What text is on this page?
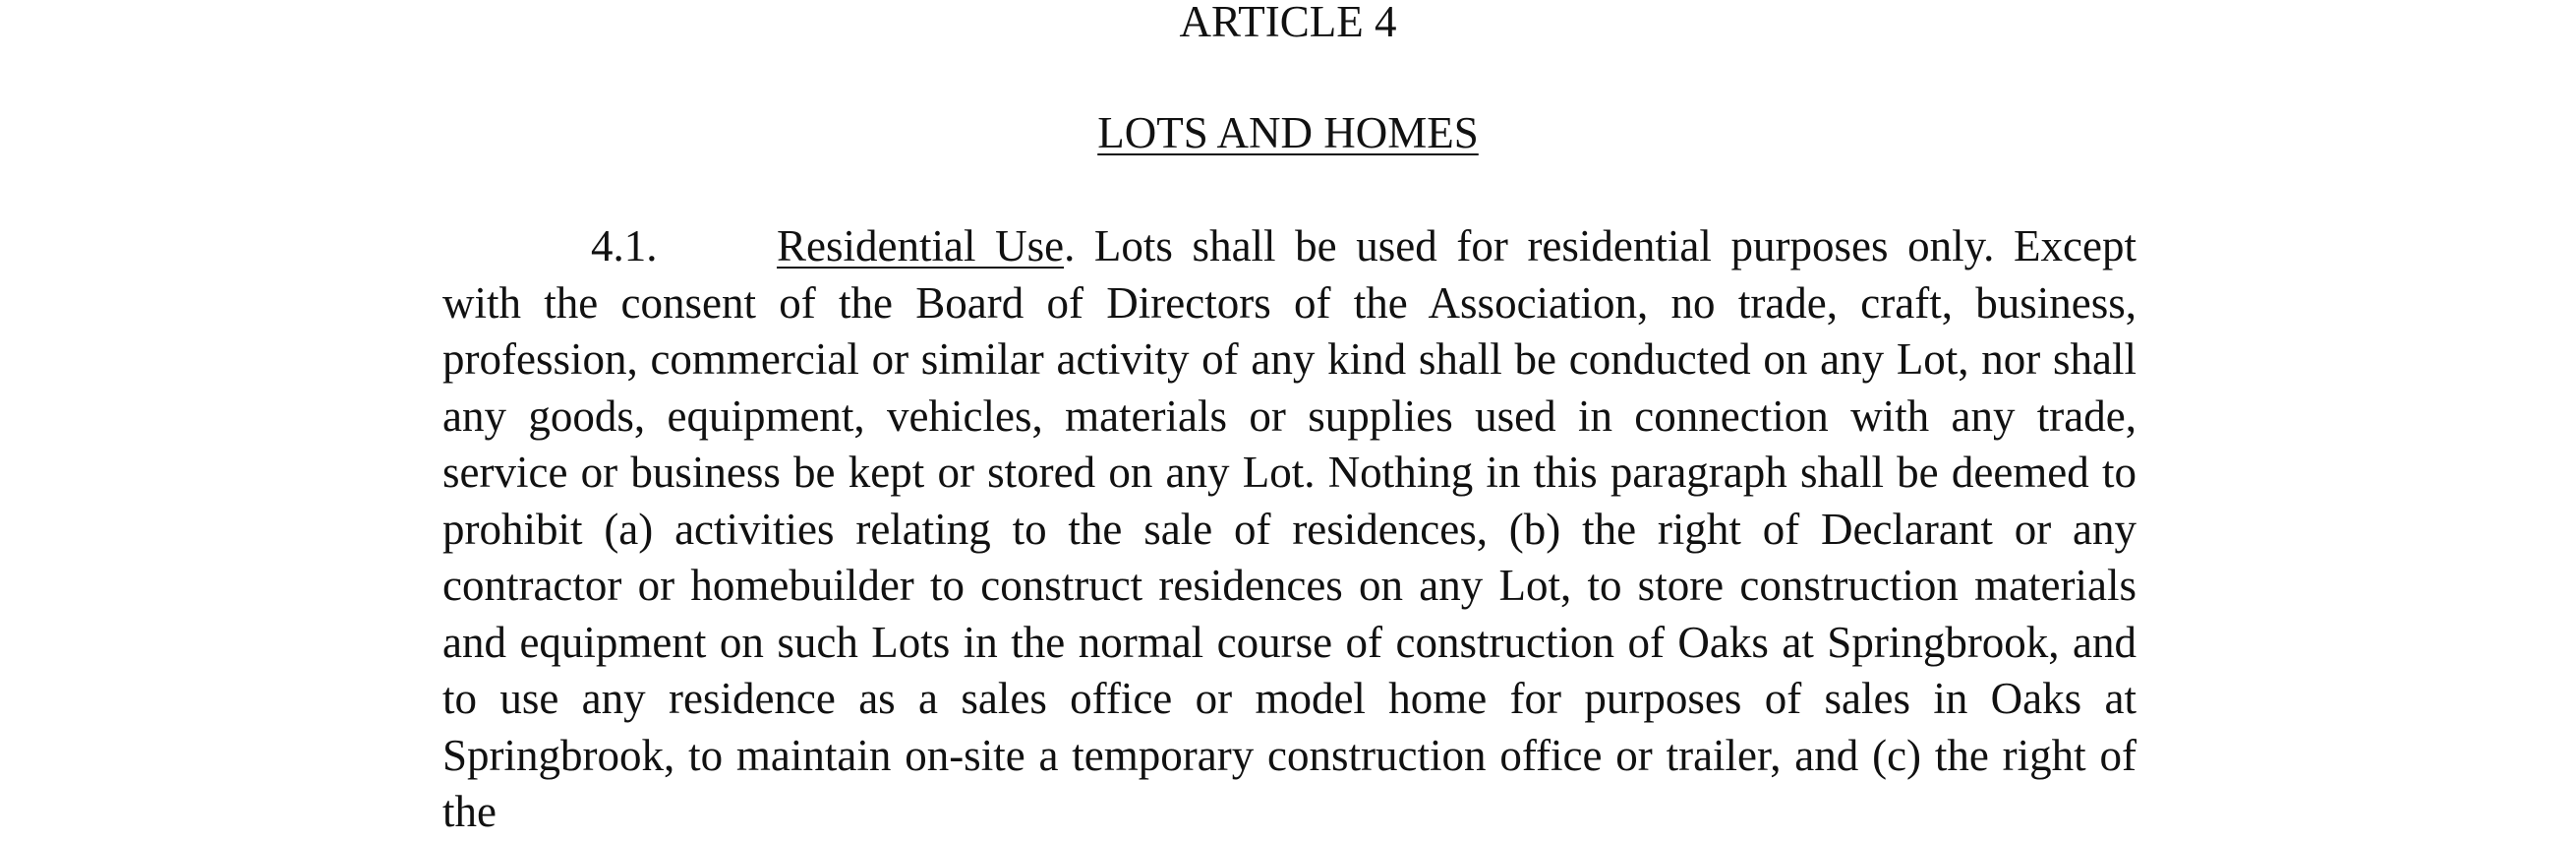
ARTICLE 4
LOTS AND HOMES

4.1.	Residential Use. Lots shall be used for residential purposes only. Except with the consent of the Board of Directors of the Association, no trade, craft, business, profession, commercial or similar activity of any kind shall be conducted on any Lot, nor shall any goods, equipment, vehicles, materials or supplies used in connection with any trade, service or business be kept or stored on any Lot. Nothing in this paragraph shall be deemed to prohibit (a) activities relating to the sale of residences, (b) the right of Declarant or any contractor or homebuilder to construct residences on any Lot, to store construction materials and equipment on such Lots in the normal course of construction of Oaks at Springbrook, and to use any residence as a sales office or model home for purposes of sales in Oaks at Springbrook, to maintain on-site a temporary construction office or trailer, and (c) the right of the
